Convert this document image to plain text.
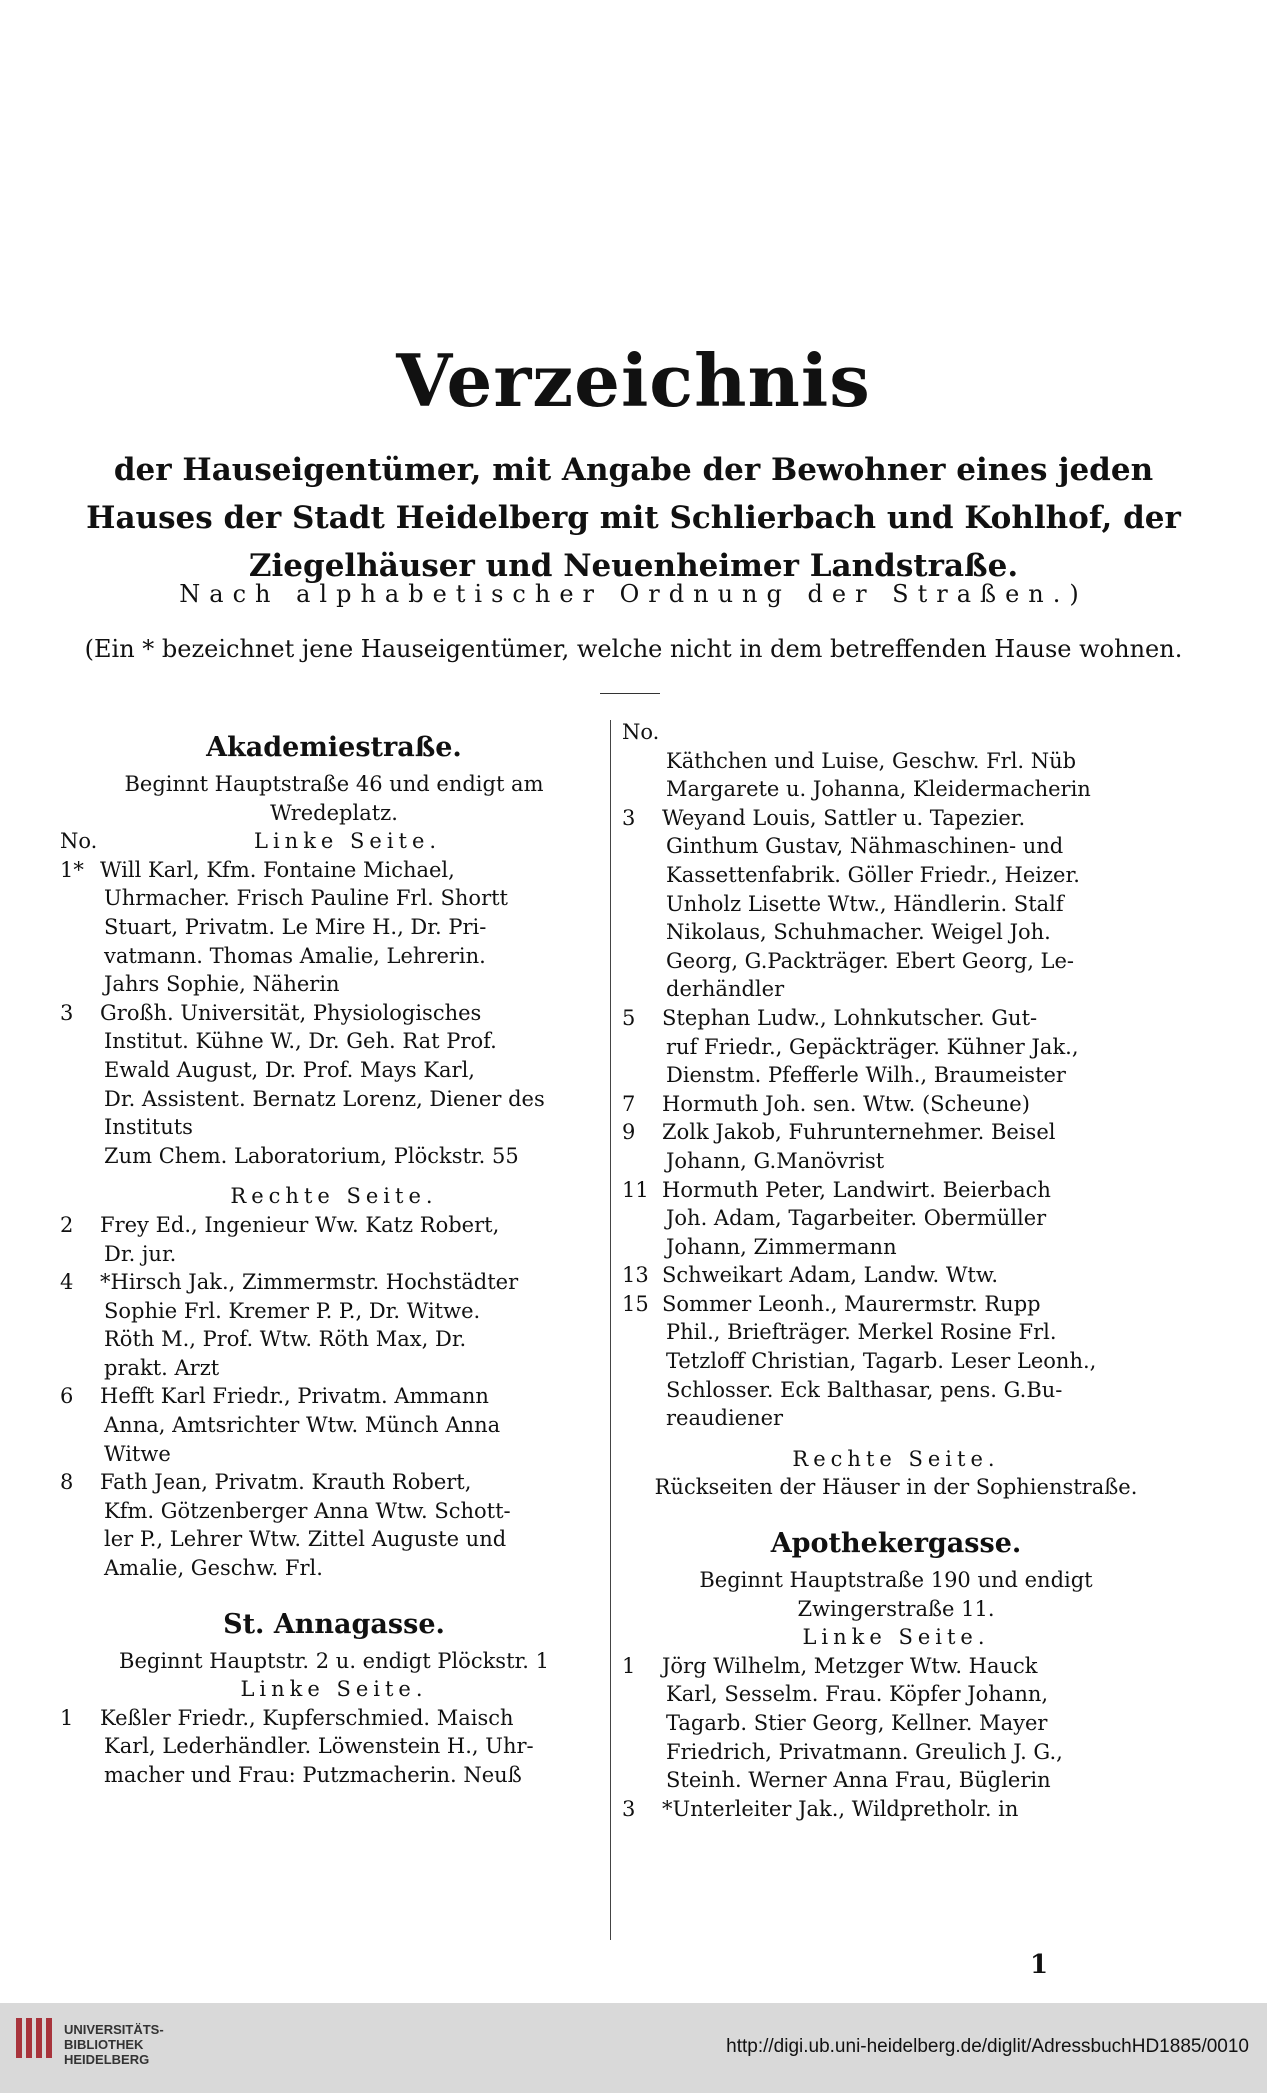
Verzeichnis
der Hauseigentümer, mit Angabe der Bewohner eines jeden
Hauses der Stadt Heidelberg mit Schlierbach und Kohlhof, der
Ziegelhäuser und Neuenheimer Landstraße.
Nach alphabetischer Ordnung der Straßen.)
(Ein * bezeichnet jene Hauseigentümer, welche nicht in dem betreffenden Hause wohnen.
Akademiestraße.
Beginnt Hauptstraße 46 und endigt am
Wredeplatz.
No.	Linke Seite.
1* Will Karl, Kfm. Fontaine Michael,
Uhrmacher. Frisch Pauline Frl. Shortt
Stuart, Privatm. Le Mire H., Dr. Pri-
vatmann. Thomas Amalie, Lehrerin.
Jahrs Sophie, Näherin
3 Großh. Universität, Physiologisches
Institut. Kühne W., Dr. Geh. Rat Prof.
Ewald August, Dr. Prof. Mays Karl,
Dr. Assistent. Bernatz Lorenz, Diener des
Instituts
Zum Chem. Laboratorium, Plöckstr. 55
Rechte Seite.
2 Frey Ed., Ingenieur Ww. Katz Robert,
Dr. jur.
4 *Hirsch Jak., Zimmermstr. Hochstädter
Sophie Frl. Kremer P. P., Dr. Witwe.
Röth M., Prof. Wtw. Röth Max, Dr.
prakt. Arzt
6 Hefft Karl Friedr., Privatm. Ammann
Anna, Amtsrichter Wtw. Münch Anna
Witwe
8 Fath Jean, Privatm. Krauth Robert,
Kfm. Götzenberger Anna Wtw. Schott-
ler P., Lehrer Wtw. Zittel Auguste und
Amalie, Geschw. Frl.
St. Annagasse.
Beginnt Hauptstr. 2 u. endigt Plöckstr. 1
Linke Seite.
1 Keßler Friedr., Kupferschmied. Maisch
Karl, Lederhändler. Löwenstein H., Uhr-
macher und Frau: Putzmacherin. Neuß
No.
Käthchen und Luise, Geschw. Frl. Nüb
Margarete u. Johanna, Kleidermacherin
3 Weyand Louis, Sattler u. Tapezier.
Ginthum Gustav, Nähmaschinen- und
Kassettenfabrik. Göller Friedr., Heizer.
Unholz Lisette Wtw., Händlerin. Stalf
Nikolaus, Schuhmacher. Weigel Joh.
Georg, G.Packträger. Ebert Georg, Le-
derhändler
5 Stephan Ludw., Lohnkutscher. Gut-
ruf Friedr., Gepäckträger. Kühner Jak.,
Dienstm. Pfefferle Wilh., Braumeister
7 Hormuth Joh. sen. Wtw. (Scheune)
9 Zolk Jakob, Fuhrunternehmer. Beisel
Johann, G.Manövrist
11 Hormuth Peter, Landwirt. Beierbach
Joh. Adam, Tagarbeiter. Obermüller
Johann, Zimmermann
13 Schweikart Adam, Landw. Wtw.
15 Sommer Leonh., Maurermstr. Rupp
Phil., Briefträger. Merkel Rosine Frl.
Tetzloff Christian, Tagarb. Leser Leonh.,
Schlosser. Eck Balthasar, pens. G.Bu-
reaudiener
Rechte Seite.
Rückseiten der Häuser in der Sophienstraße.
Apothekergasse.
Beginnt Hauptstraße 190 und endigt
Zwingerstraße 11.
Linke Seite.
1 Jörg Wilhelm, Metzger Wtw. Hauck
Karl, Sesselm. Frau. Köpfer Johann,
Tagarb. Stier Georg, Kellner. Mayer
Friedrich, Privatmann. Greulich J. G.,
Steinh. Werner Anna Frau, Büglerin
3 *Unterleiter Jak., Wildpretholr. in
1
UNIVERSITÄTS-
BIBLIOTHEK
HEIDELBERG
http://digi.ub.uni-heidelberg.de/diglit/AdressbuchHD1885/0010
